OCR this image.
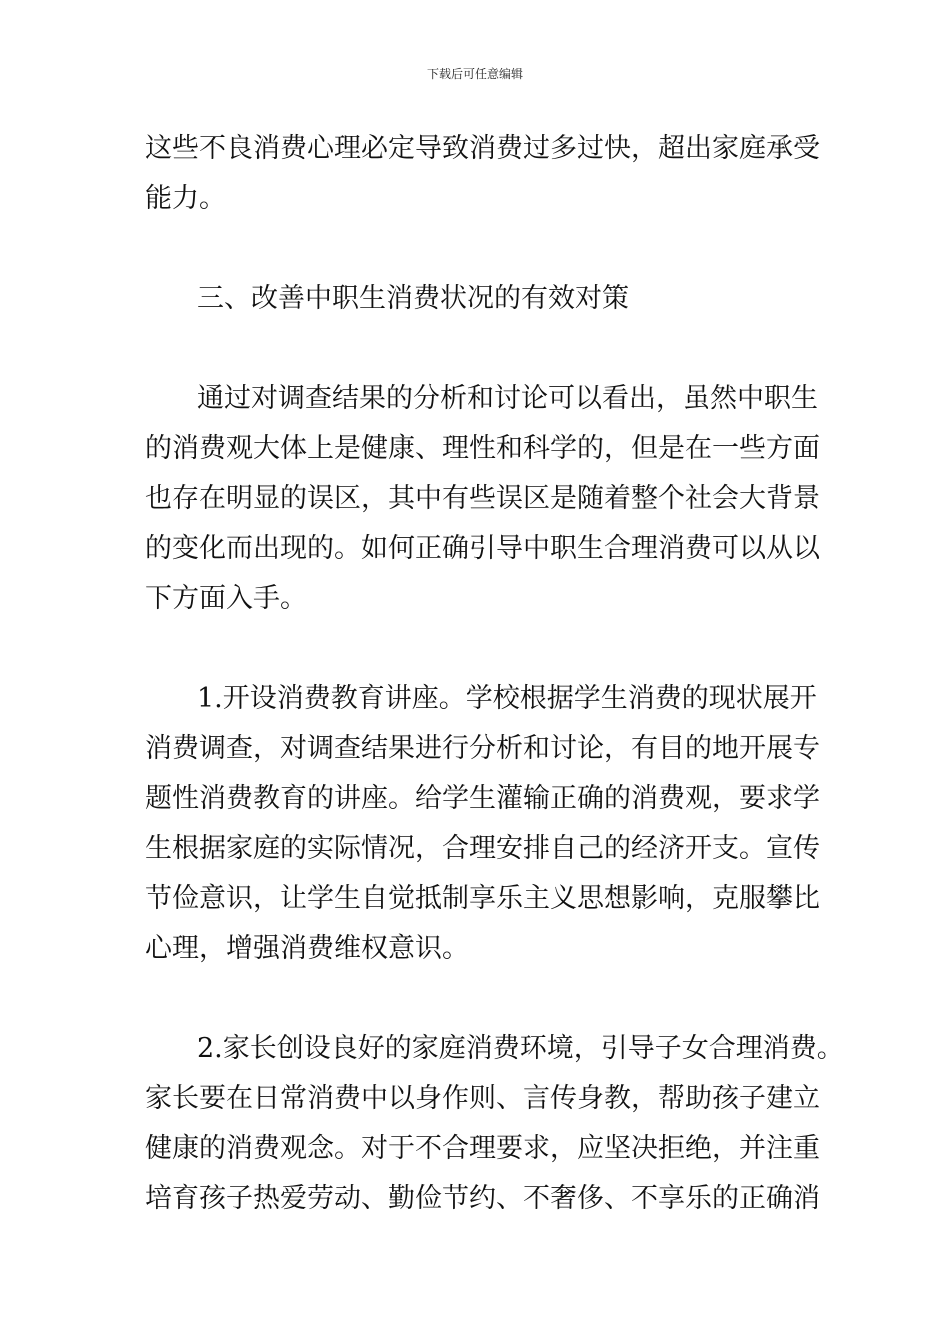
下载后可任意编辑
这些不良消费心理必定导致消费过多过快，超出家庭承受
能力。
三、改善中职生消费状况的有效对策
通过对调查结果的分析和讨论可以看出，虽然中职生
的消费观大体上是健康、理性和科学的，但是在一些方面
也存在明显的误区，其中有些误区是随着整个社会大背景
的变化而出现的。如何正确引导中职生合理消费可以从以
下方面入手。
1.开设消费教育讲座。学校根据学生消费的现状展开
消费调查，对调查结果进行分析和讨论，有目的地开展专
题性消费教育的讲座。给学生灌输正确的消费观，要求学
生根据家庭的实际情况，合理安排自己的经济开支。宣传
节俭意识，让学生自觉抵制享乐主义思想影响，克服攀比
心理，增强消费维权意识。
2.家长创设良好的家庭消费环境，引导子女合理消费。
家长要在日常消费中以身作则、言传身教，帮助孩子建立
健康的消费观念。对于不合理要求，应坚决拒绝，并注重
培育孩子热爱劳动、勤俭节约、不奢侈、不享乐的正确消
